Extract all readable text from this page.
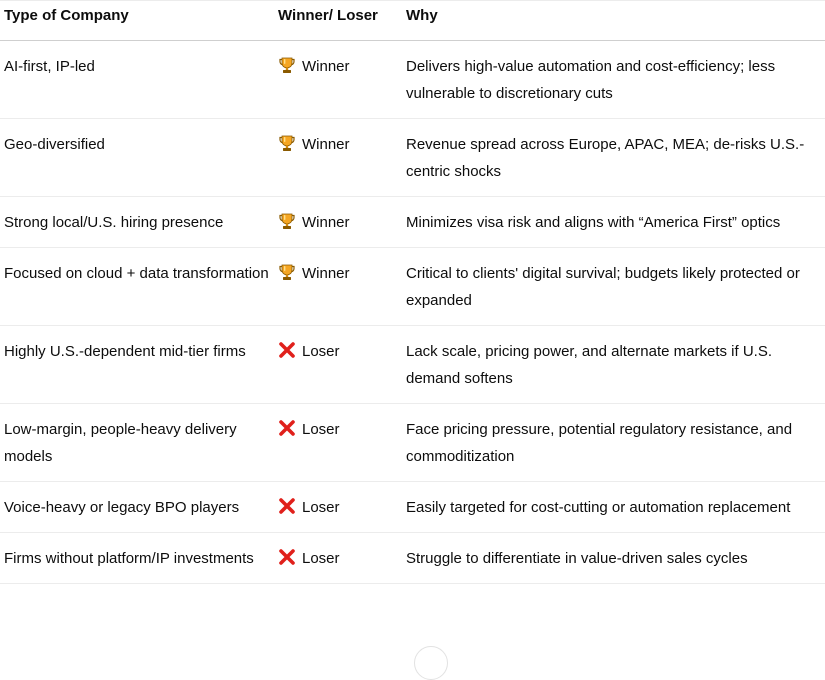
Type of Company	Winner/ Loser	Why
AI-first, IP-led	Winner	Delivers high-value automation and cost-efficiency; less vulnerable to discretionary cuts
Geo-diversified	Winner	Revenue spread across Europe, APAC, MEA; de-risks U.S.-centric shocks
Strong local/U.S. hiring presence	Winner	Minimizes visa risk and aligns with “America First” optics
Focused on cloud + data transformation	Winner	Critical to clients' digital survival; budgets likely protected or expanded
Highly U.S.-dependent mid-tier firms	Loser	Lack scale, pricing power, and alternate markets if U.S. demand softens
Low-margin, people-heavy delivery models	Loser	Face pricing pressure, potential regulatory resistance, and commoditization
Voice-heavy or legacy BPO players	Loser	Easily targeted for cost-cutting or automation replacement
Firms without platform/IP investments	Loser	Struggle to differentiate in value-driven sales cycles
